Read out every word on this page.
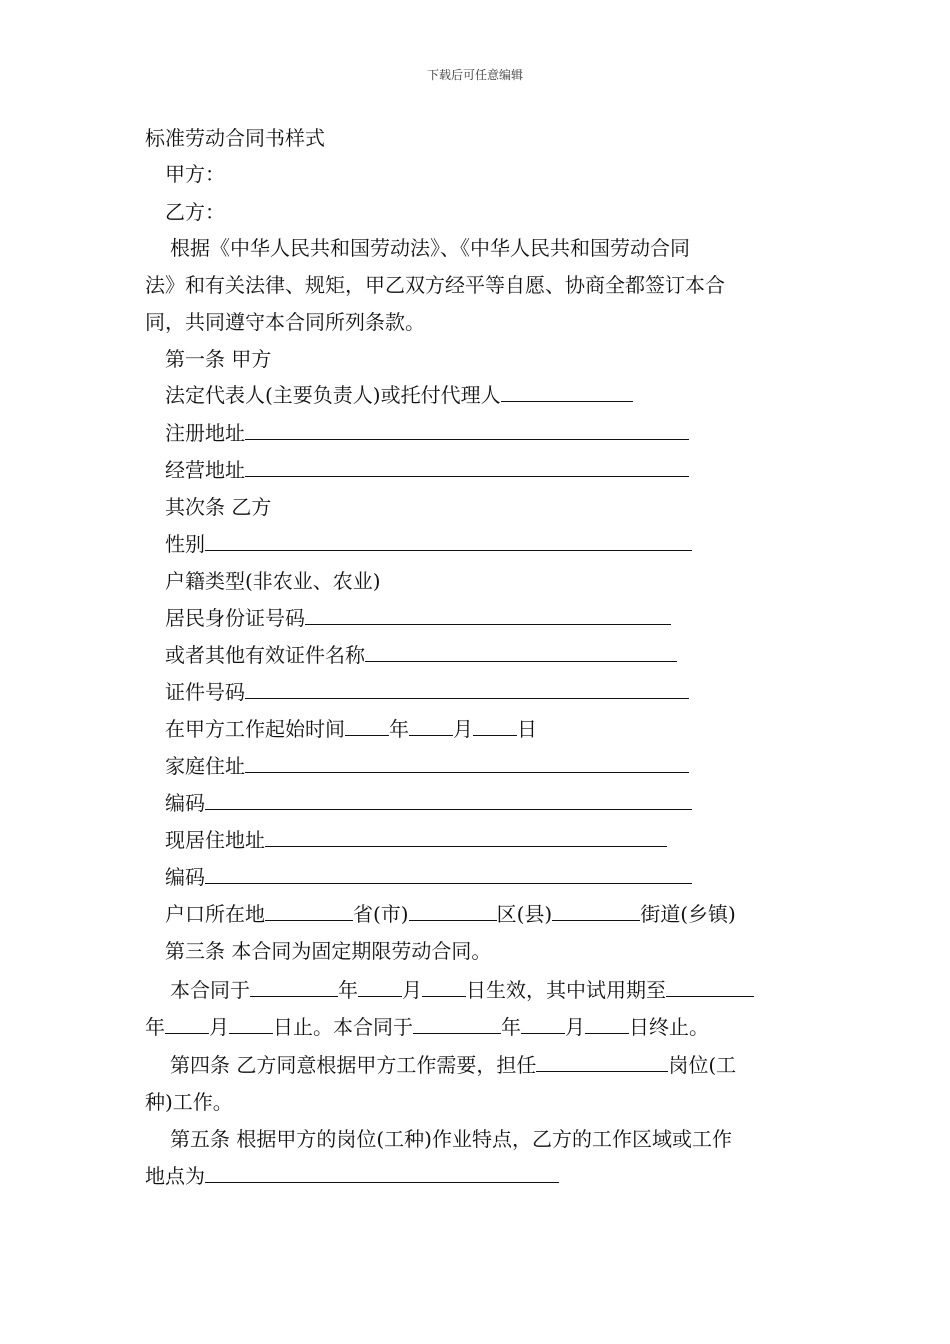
下载后可任意编辑
标准劳动合同书样式
甲方：
乙方：
根据《中华人民共和国劳动法》、《中华人民共和国劳动合同
法》和有关法律、规矩，甲乙双方经平等自愿、协商全都签订本合
同，共同遵守本合同所列条款。
第一条 甲方
法定代表人(主要负责人)或托付代理人
注册地址
经营地址
其次条 乙方
性别
户籍类型(非农业、农业)
居民身份证号码
或者其他有效证件名称
证件号码
在甲方工作起始时间 年 月 日
家庭住址
编码
现居住地址
编码
户口所在地	省(市)	区(县)	街道(乡镇)
第三条 本合同为固定期限劳动合同。
本合同于	年 月 日生效，其中试用期至
年 月 日止。本合同于	年 月 日终止。
第四条 乙方同意根据甲方工作需要，担任	岗位(工
种)工作。
第五条 根据甲方的岗位(工种)作业特点，乙方的工作区域或工作
地点为
